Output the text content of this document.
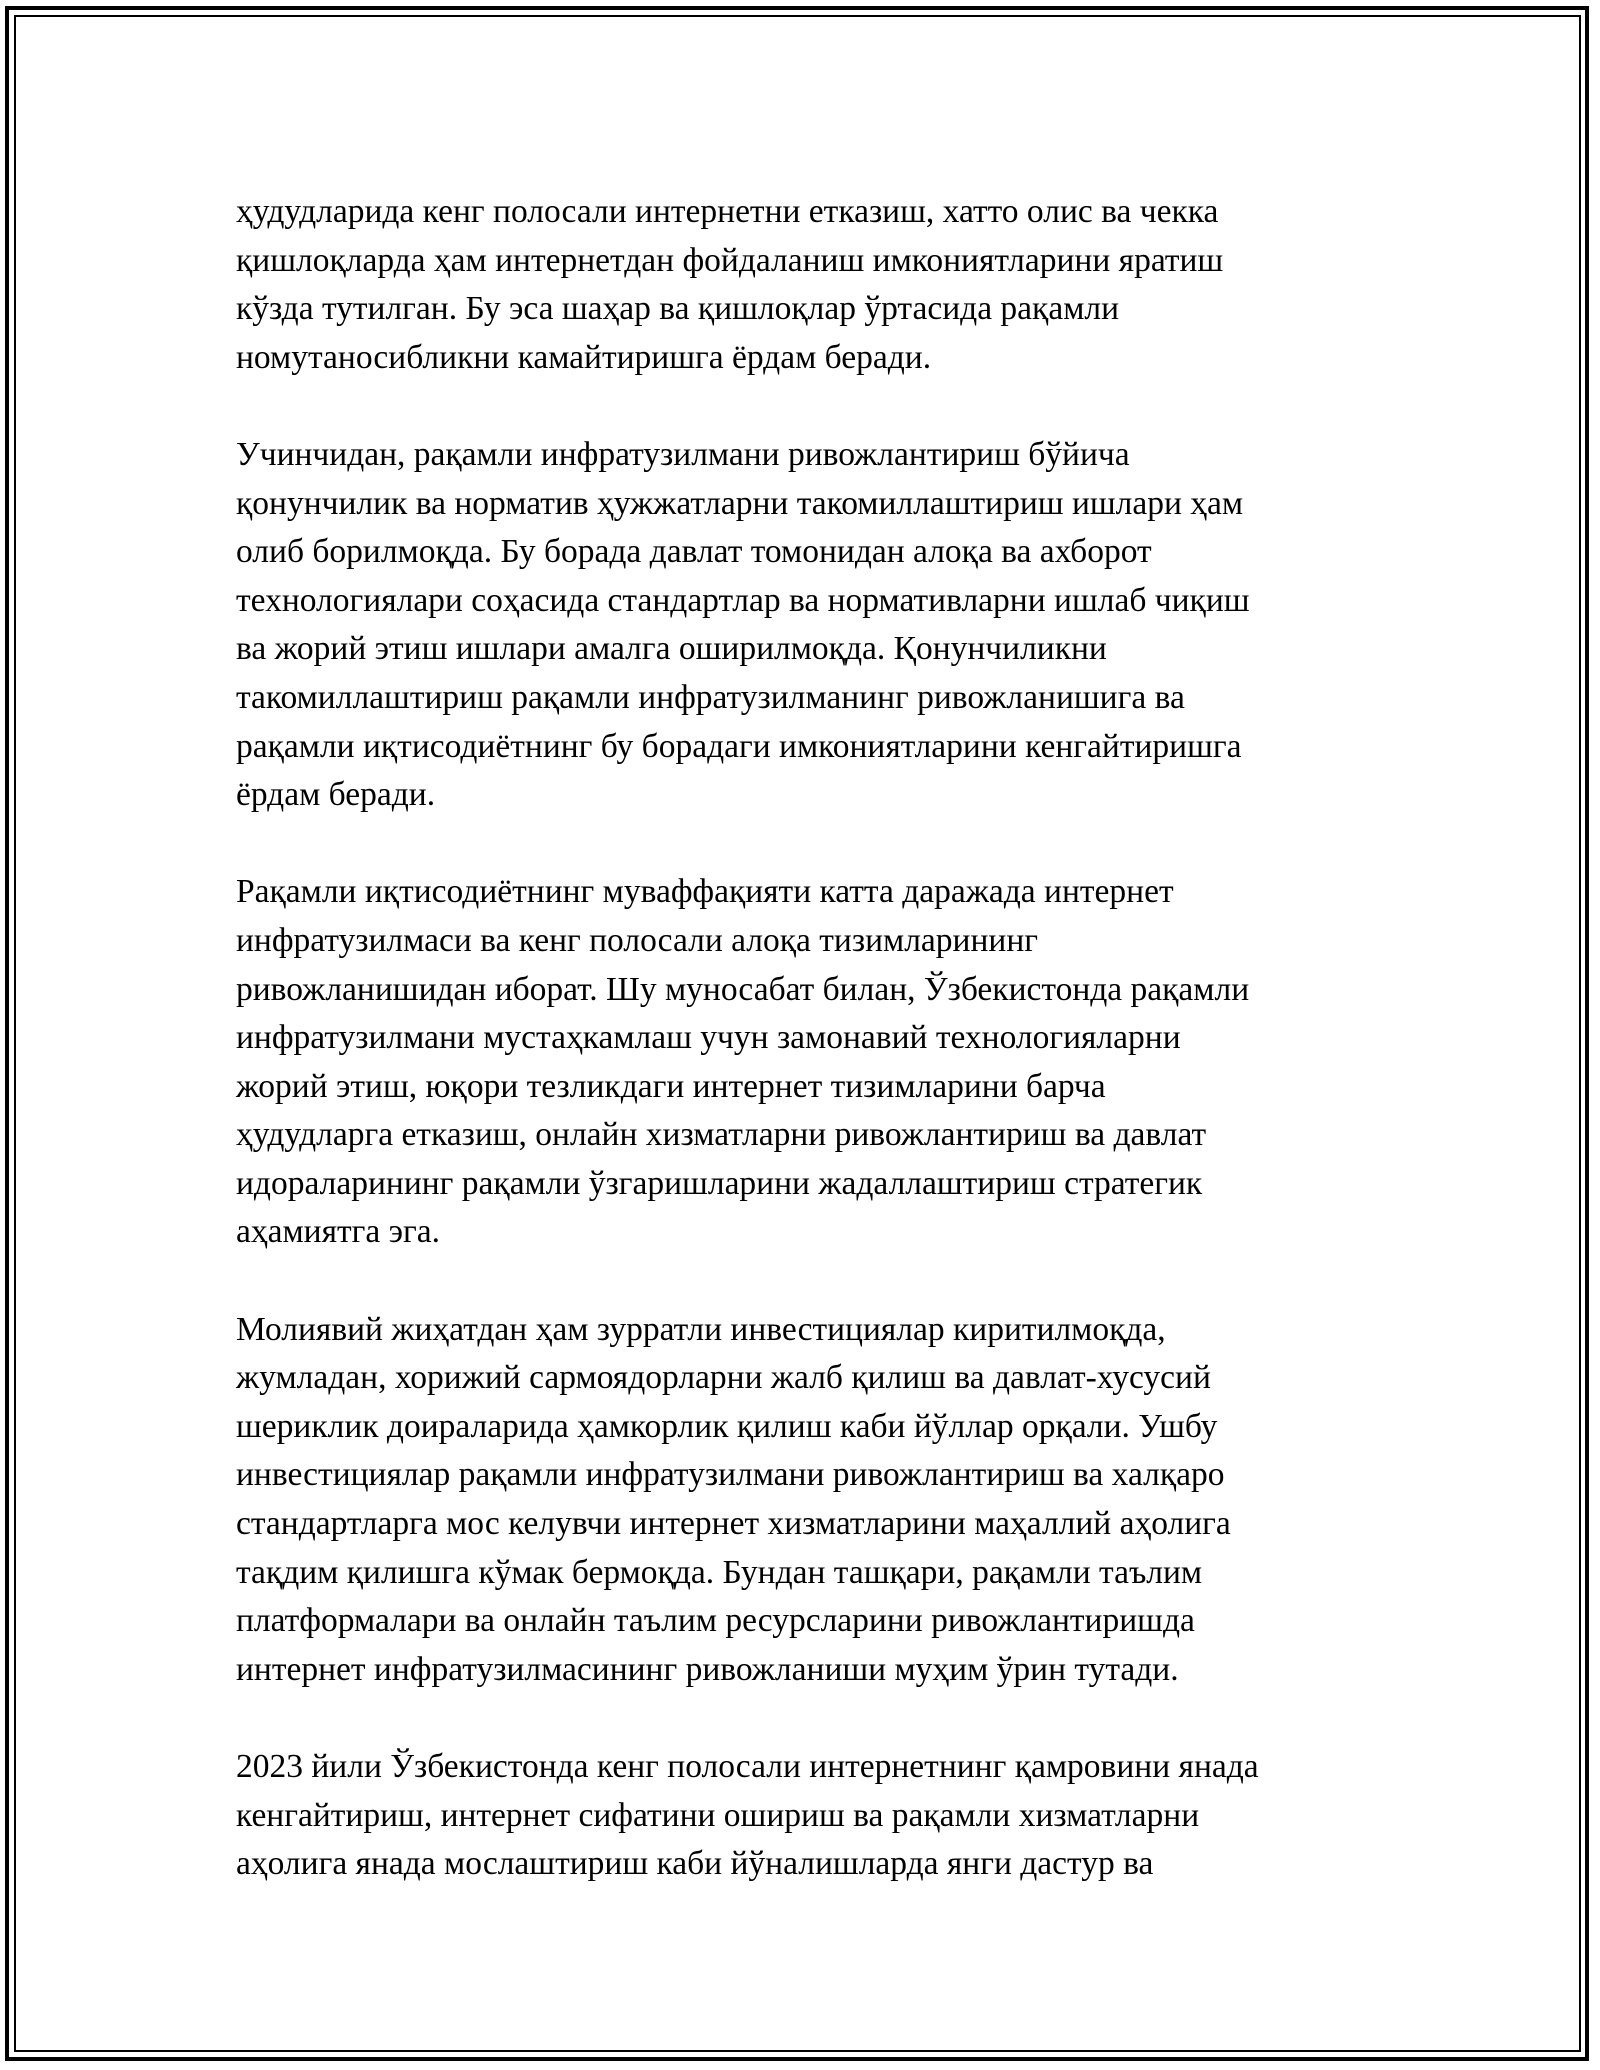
ҳудудларида кенг полосали интернетни етказиш, хатто олис ва чекка
қишлоқларда ҳам интернетдан фойдаланиш имкониятларини яратиш
кўзда тутилган. Бу эса шаҳар ва қишлоқлар ўртасида рақамли
номутаносибликни камайтиришга ёрдам беради.
Учинчидан, рақамли инфратузилмани ривожлантириш бўйича
қонунчилик ва норматив ҳужжатларни такомиллаштириш ишлари ҳам
олиб борилмоқда. Бу борада давлат томонидан алоқа ва ахборот
технологиялари соҳасида стандартлар ва нормативларни ишлаб чиқиш
ва жорий этиш ишлари амалга оширилмоқда. Қонунчиликни
такомиллаштириш рақамли инфратузилманинг ривожланишига ва
рақамли иқтисодиётнинг бу борадаги имкониятларини кенгайтиришга
ёрдам беради.
Рақамли иқтисодиётнинг муваффақияти катта даражада интернет
инфратузилмаси ва кенг полосали алоқа тизимларининг
ривожланишидан иборат. Шу муносабат билан, Ўзбекистонда рақамли
инфратузилмани мустаҳкамлаш учун замонавий технологияларни
жорий этиш, юқори тезликдаги интернет тизимларини барча
ҳудудларга етказиш, онлайн хизматларни ривожлантириш ва давлат
идораларининг рақамли ўзгаришларини жадаллаштириш стратегик
аҳамиятга эга.
Молиявий жиҳатдан ҳам зурратли инвестициялар киритилмоқда,
жумладан, хорижий сармоядорларни жалб қилиш ва давлат-хусусий
шериклик доираларида ҳамкорлик қилиш каби йўллар орқали. Ушбу
инвестициялар рақамли инфратузилмани ривожлантириш ва халқаро
стандартларга мос келувчи интернет хизматларини маҳаллий аҳолига
тақдим қилишга кўмак бермоқда. Бундан ташқари, рақамли таълим
платформалари ва онлайн таълим ресурсларини ривожлантиришда
интернет инфратузилмасининг ривожланиши муҳим ўрин тутади.
2023 йили Ўзбекистонда кенг полосали интернетнинг қамровини янада
кенгайтириш, интернет сифатини ошириш ва рақамли хизматларни
аҳолига янада мослаштириш каби йўналишларда янги дастур ва
